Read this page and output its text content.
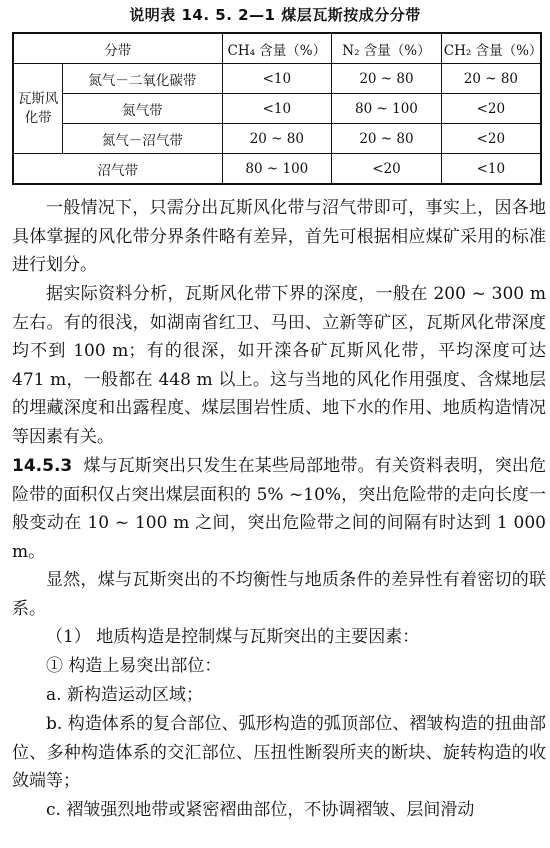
说明表 14. 5. 2—1 煤层瓦斯按成分分带
分带		CH₄ 含量（%）	N₂ 含量（%）	CH₂ 含量（%）
瓦斯风化带	氮气－二氧化碳带	<10	20 ~ 80	20 ~ 80
	氮气带	<10	80 ~ 100	<20
	氮气－沼气带	20 ~ 80	20 ~ 80	<20
沼气带		80 ~ 100	<20	<10

一般情况下，只需分出瓦斯风化带与沼气带即可，事实上，因各地具体掌握的风化带分界条件略有差异，首先可根据相应煤矿采用的标准进行划分。

据实际资料分析，瓦斯风化带下界的深度，一般在 200 ~ 300 m 左右。有的很浅，如湖南省红卫、马田、立新等矿区，瓦斯风化带深度均不到 100 m；有的很深，如开滦各矿瓦斯风化带，平均深度可达 471 m，一般都在 448 m 以上。这与当地的风化作用强度、含煤地层的埋藏深度和出露程度、煤层围岩性质、地下水的作用、地质构造情况等因素有关。

14.5.3 煤与瓦斯突出只发生在某些局部地带。有关资料表明，突出危险带的面积仅占突出煤层面积的 5% ~10%，突出危险带的走向长度一般变动在 10 ~ 100 m 之间，突出危险带之间的间隔有时达到 1 000 m。

显然，煤与瓦斯突出的不均衡性与地质条件的差异性有着密切的联系。

（1） 地质构造是控制煤与瓦斯突出的主要因素：

① 构造上易突出部位：

a. 新构造运动区域；

b. 构造体系的复合部位、弧形构造的弧顶部位、褶皱构造的扭曲部位、多种构造体系的交汇部位、压扭性断裂所夹的断块、旋转构造的收敛端等；

c. 褶皱强烈地带或紧密褶曲部位，不协调褶皱、层间滑动
